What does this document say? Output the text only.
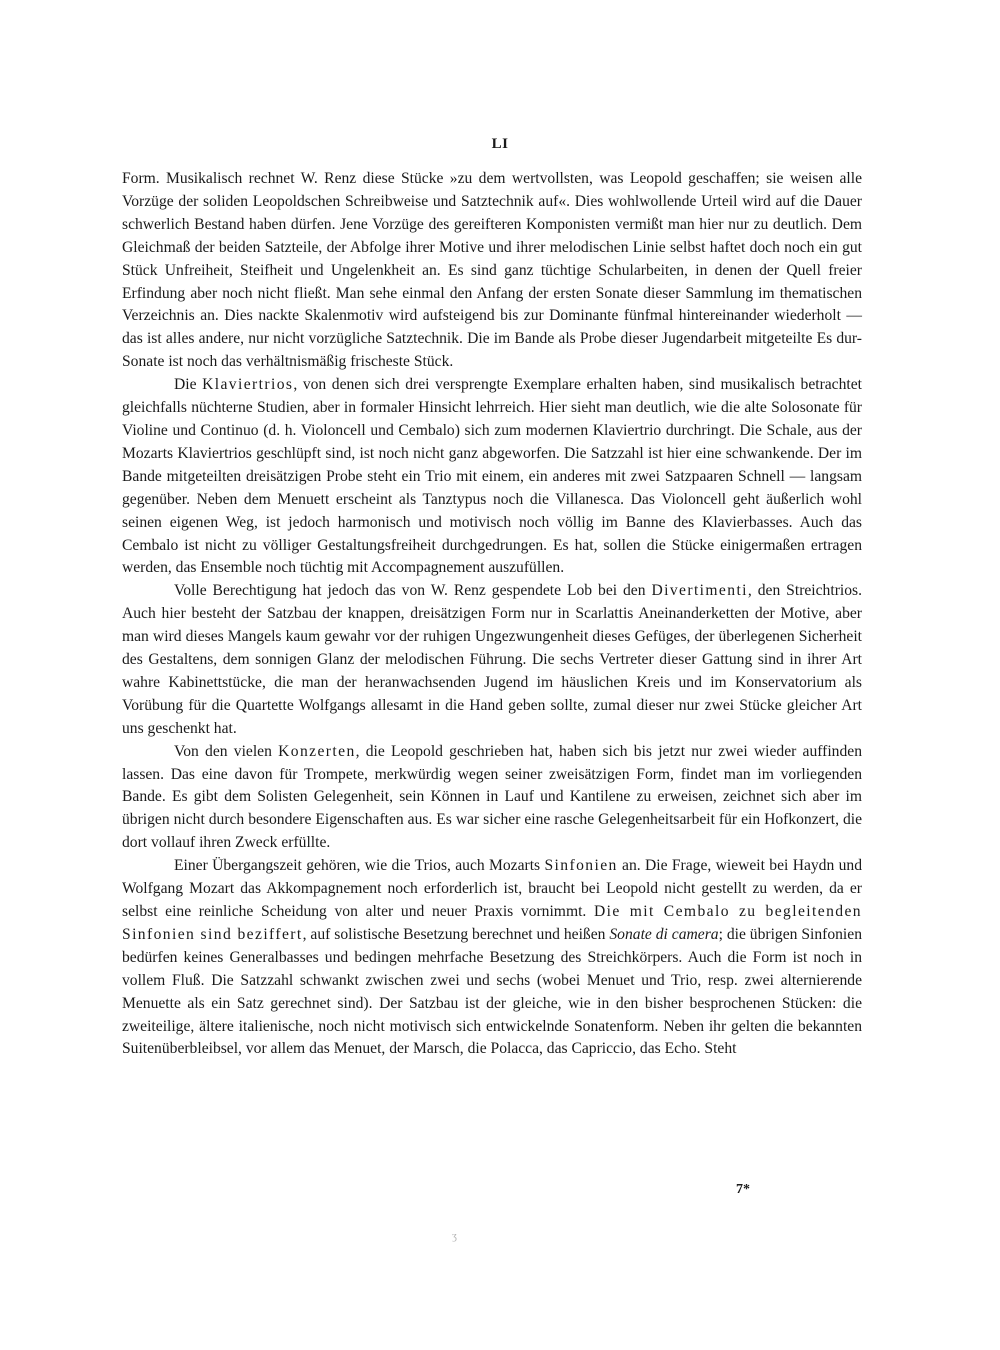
LI

Form. Musikalisch rechnet W. Renz diese Stücke »zu dem wertvollsten, was Leopold geschaffen; sie weisen alle Vorzüge der soliden Leopoldschen Schreibweise und Satztechnik auf«. Dies wohlwollende Urteil wird auf die Dauer schwerlich Bestand haben dürfen. Jene Vorzüge des gereifteren Komponisten vermißt man hier nur zu deutlich. Dem Gleichmaß der beiden Satzteile, der Abfolge ihrer Motive und ihrer melodischen Linie selbst haftet doch noch ein gut Stück Unfreiheit, Steifheit und Ungelenkheit an. Es sind ganz tüchtige Schularbeiten, in denen der Quell freier Erfindung aber noch nicht fließt. Man sehe einmal den Anfang der ersten Sonate dieser Sammlung im thematischen Verzeichnis an. Dies nackte Skalenmotiv wird aufsteigend bis zur Dominante fünfmal hintereinander wiederholt — das ist alles andere, nur nicht vorzügliche Satztechnik. Die im Bande als Probe dieser Jugendarbeit mitgeteilte Es dur-Sonate ist noch das verhältnismäßig frischeste Stück.

Die Klaviertrios, von denen sich drei versprengte Exemplare erhalten haben, sind musikalisch betrachtet gleichfalls nüchterne Studien, aber in formaler Hinsicht lehrreich. Hier sieht man deutlich, wie die alte Solosonate für Violine und Continuo (d. h. Violoncell und Cembalo) sich zum modernen Klaviertrio durchringt. Die Schale, aus der Mozarts Klaviertrios geschlüpft sind, ist noch nicht ganz abgeworfen. Die Satzzahl ist hier eine schwankende. Der im Bande mitgeteilten dreisätzigen Probe steht ein Trio mit einem, ein anderes mit zwei Satzpaaren Schnell — langsam gegenüber. Neben dem Menuett erscheint als Tanztypus noch die Villanesca. Das Violoncell geht äußerlich wohl seinen eigenen Weg, ist jedoch harmonisch und motivisch noch völlig im Banne des Klavierbasses. Auch das Cembalo ist nicht zu völliger Gestaltungsfreiheit durchgedrungen. Es hat, sollen die Stücke einigermaßen ertragen werden, das Ensemble noch tüchtig mit Accompagnement auszufüllen.

Volle Berechtigung hat jedoch das von W. Renz gespendete Lob bei den Divertimenti, den Streichtrios. Auch hier besteht der Satzbau der knappen, dreisätzigen Form nur in Scarlattis Aneinanderketten der Motive, aber man wird dieses Mangels kaum gewahr vor der ruhigen Ungezwungenheit dieses Gefüges, der überlegenen Sicherheit des Gestaltens, dem sonnigen Glanz der melodischen Führung. Die sechs Vertreter dieser Gattung sind in ihrer Art wahre Kabinettstücke, die man der heranwachsenden Jugend im häuslichen Kreis und im Konservatorium als Vorübung für die Quartette Wolfgangs allesamt in die Hand geben sollte, zumal dieser nur zwei Stücke gleicher Art uns geschenkt hat.

Von den vielen Konzerten, die Leopold geschrieben hat, haben sich bis jetzt nur zwei wieder auffinden lassen. Das eine davon für Trompete, merkwürdig wegen seiner zweisätzigen Form, findet man im vorliegenden Bande. Es gibt dem Solisten Gelegenheit, sein Können in Lauf und Kantilene zu erweisen, zeichnet sich aber im übrigen nicht durch besondere Eigenschaften aus. Es war sicher eine rasche Gelegenheitsarbeit für ein Hofkonzert, die dort vollauf ihren Zweck erfüllte.

Einer Übergangszeit gehören, wie die Trios, auch Mozarts Sinfonien an. Die Frage, wieweit bei Haydn und Wolfgang Mozart das Akkompagnement noch erforderlich ist, braucht bei Leopold nicht gestellt zu werden, da er selbst eine reinliche Scheidung von alter und neuer Praxis vornimmt. Die mit Cembalo zu begleitenden Sinfonien sind beziffert, auf solistische Besetzung berechnet und heißen Sonate di camera; die übrigen Sinfonien bedürfen keines Generalbasses und bedingen mehrfache Besetzung des Streichkörpers. Auch die Form ist noch in vollem Fluß. Die Satzzahl schwankt zwischen zwei und sechs (wobei Menuet und Trio, resp. zwei alternierende Menuette als ein Satz gerechnet sind). Der Satzbau ist der gleiche, wie in den bisher besprochenen Stücken: die zweiteilige, ältere italienische, noch nicht motivisch sich entwickelnde Sonatenform. Neben ihr gelten die bekannten Suitenüberbleibsel, vor allem das Menuet, der Marsch, die Polacca, das Capriccio, das Echo. Steht

7*
ʒ
